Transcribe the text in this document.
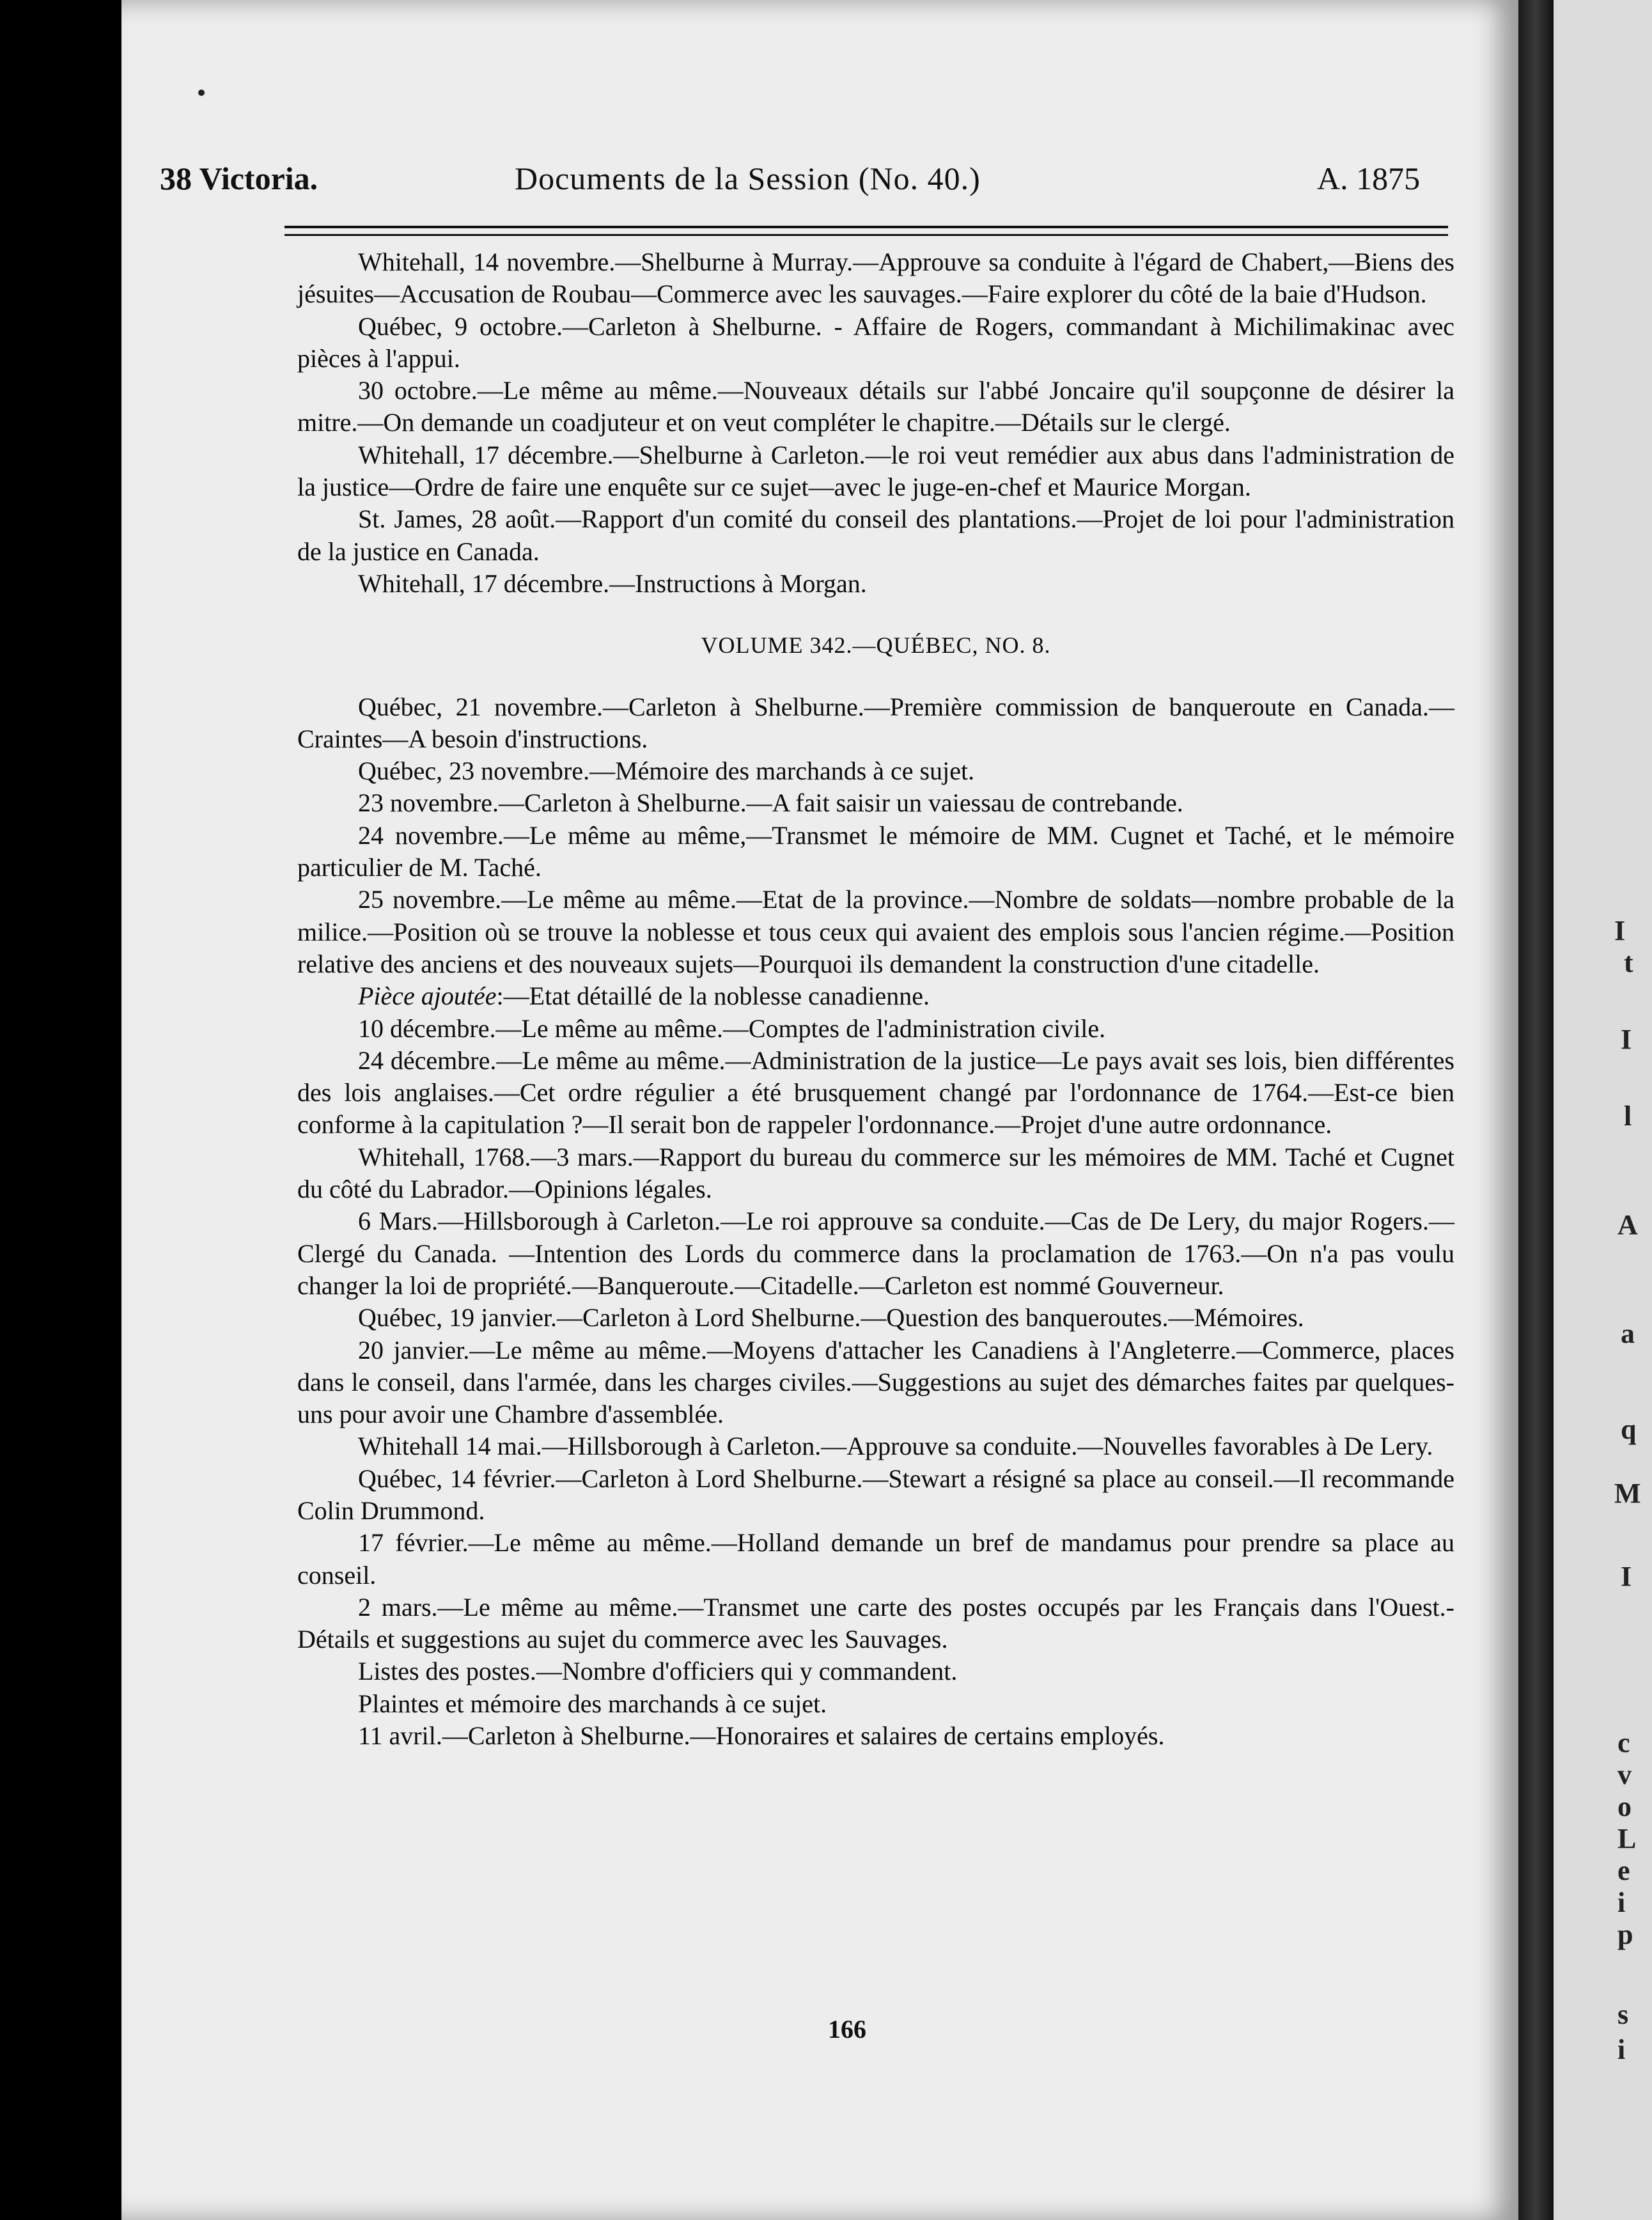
I
t
I
l
A
a
q
M
I
c
v
o
L
e
i
p
s
i
38 Victoria.	Documents de la Session (No. 40.)	A. 1875

Whitehall, 14 novembre.—Shelburne à Murray.—Approuve sa conduite à l'égard de Chabert,—Biens des jésuites—Accusation de Roubau—Commerce avec les sauvages.—Faire explorer du côté de la baie d'Hudson.

Québec, 9 octobre.—Carleton à Shelburne. - Affaire de Rogers, commandant à Michilimakinac avec pièces à l'appui.

30 octobre.—Le même au même.—Nouveaux détails sur l'abbé Joncaire qu'il soupçonne de désirer la mitre.—On demande un coadjuteur et on veut compléter le chapitre.—Détails sur le clergé.

Whitehall, 17 décembre.—Shelburne à Carleton.—le roi veut remédier aux abus dans l'administration de la justice—Ordre de faire une enquête sur ce sujet—avec le juge-en-chef et Maurice Morgan.

St. James, 28 août.—Rapport d'un comité du conseil des plantations.—Projet de loi pour l'administration de la justice en Canada.

Whitehall, 17 décembre.—Instructions à Morgan.

VOLUME 342.—QUÉBEC, NO. 8.

Québec, 21 novembre.—Carleton à Shelburne.—Première commission de banqueroute en Canada.—Craintes—A besoin d'instructions.

Québec, 23 novembre.—Mémoire des marchands à ce sujet.

23 novembre.—Carleton à Shelburne.—A fait saisir un vaiessau de contrebande.

24 novembre.—Le même au même,—Transmet le mémoire de MM. Cugnet et Taché, et le mémoire particulier de M. Taché.

25 novembre.—Le même au même.—Etat de la province.—Nombre de soldats—nombre probable de la milice.—Position où se trouve la noblesse et tous ceux qui avaient des emplois sous l'ancien régime.—Position relative des anciens et des nouveaux sujets—Pourquoi ils demandent la construction d'une citadelle.

Pièce ajoutée:—Etat détaillé de la noblesse canadienne.

10 décembre.—Le même au même.—Comptes de l'administration civile.

24 décembre.—Le même au même.—Administration de la justice—Le pays avait ses lois, bien différentes des lois anglaises.—Cet ordre régulier a été brusquement changé par l'ordonnance de 1764.—Est-ce bien conforme à la capitulation ?—Il serait bon de rappeler l'ordonnance.—Projet d'une autre ordonnance.

Whitehall, 1768.—3 mars.—Rapport du bureau du commerce sur les mémoires de MM. Taché et Cugnet du côté du Labrador.—Opinions légales.

6 Mars.—Hillsborough à Carleton.—Le roi approuve sa conduite.—Cas de De Lery, du major Rogers.—Clergé du Canada. —Intention des Lords du commerce dans la proclamation de 1763.—On n'a pas voulu changer la loi de propriété.—Banqueroute.—Citadelle.—Carleton est nommé Gouverneur.

Québec, 19 janvier.—Carleton à Lord Shelburne.—Question des banqueroutes.—Mémoires.

20 janvier.—Le même au même.—Moyens d'attacher les Canadiens à l'Angleterre.—Commerce, places dans le conseil, dans l'armée, dans les charges civiles.—Suggestions au sujet des démarches faites par quelques-uns pour avoir une Chambre d'assemblée.

Whitehall 14 mai.—Hillsborough à Carleton.—Approuve sa conduite.—Nouvelles favorables à De Lery.

Québec, 14 février.—Carleton à Lord Shelburne.—Stewart a résigné sa place au conseil.—Il recommande Colin Drummond.

17 février.—Le même au même.—Holland demande un bref de mandamus pour prendre sa place au conseil.

2 mars.—Le même au même.—Transmet une carte des postes occupés par les Français dans l'Ouest.-Détails et suggestions au sujet du commerce avec les Sauvages.

Listes des postes.—Nombre d'officiers qui y commandent.

Plaintes et mémoire des marchands à ce sujet.

11 avril.—Carleton à Shelburne.—Honoraires et salaires de certains employés.

166
